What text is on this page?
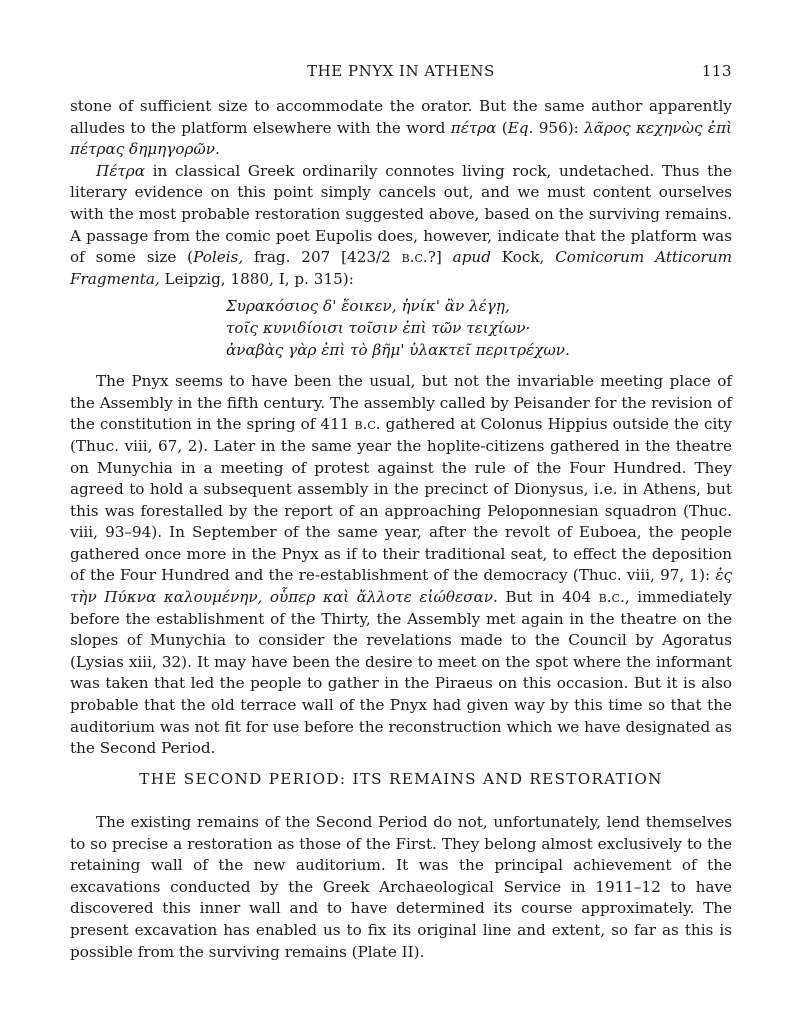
THE PNYX IN ATHENS	113

stone of sufficient size to accommodate the orator. But the same author apparently alludes to the platform elsewhere with the word πέτρα (Eq. 956): λᾶρος κεχηνὼς ἐπὶ πέτρας δημηγορῶν.

Πέτρα in classical Greek ordinarily connotes living rock, undetached. Thus the literary evidence on this point simply cancels out, and we must content ourselves with the most probable restoration suggested above, based on the surviving remains. A passage from the comic poet Eupolis does, however, indicate that the platform was of some size (Poleis, frag. 207 [423/2 b.c.?] apud Kock, Comicorum Atticorum Fragmenta, Leipzig, 1880, I, p. 315):

Συρακόσιος δ' ἔοικεν, ἡνίκ' ἂν λέγῃ,
τοῖς κυνιδίοισι τοῖσιν ἐπὶ τῶν τειχίων·
ἀναβὰς γὰρ ἐπὶ τὸ βῆμ' ὑλακτεῖ περιτρέχων.

The Pnyx seems to have been the usual, but not the invariable meeting place of the Assembly in the fifth century. The assembly called by Peisander for the revision of the constitution in the spring of 411 b.c. gathered at Colonus Hippius outside the city (Thuc. viii, 67, 2). Later in the same year the hoplite-citizens gathered in the theatre on Munychia in a meeting of protest against the rule of the Four Hundred. They agreed to hold a subsequent assembly in the precinct of Dionysus, i.e. in Athens, but this was forestalled by the report of an approaching Peloponnesian squadron (Thuc. viii, 93–94). In September of the same year, after the revolt of Euboea, the people gathered once more in the Pnyx as if to their traditional seat, to effect the deposition of the Four Hundred and the re-establishment of the democracy (Thuc. viii, 97, 1): ἐς τὴν Πύκνα καλουμένην, οὗπερ καὶ ἄλλοτε εἰώθεσαν. But in 404 b.c., immediately before the establishment of the Thirty, the Assembly met again in the theatre on the slopes of Munychia to consider the revelations made to the Council by Agoratus (Lysias xiii, 32). It may have been the desire to meet on the spot where the informant was taken that led the people to gather in the Piraeus on this occasion. But it is also probable that the old terrace wall of the Pnyx had given way by this time so that the auditorium was not fit for use before the reconstruction which we have designated as the Second Period.

THE SECOND PERIOD: ITS REMAINS AND RESTORATION

The existing remains of the Second Period do not, unfortunately, lend themselves to so precise a restoration as those of the First. They belong almost exclusively to the retaining wall of the new auditorium. It was the principal achievement of the excavations conducted by the Greek Archaeological Service in 1911–12 to have discovered this inner wall and to have determined its course approximately. The present excavation has enabled us to fix its original line and extent, so far as this is possible from the surviving remains (Plate II).
